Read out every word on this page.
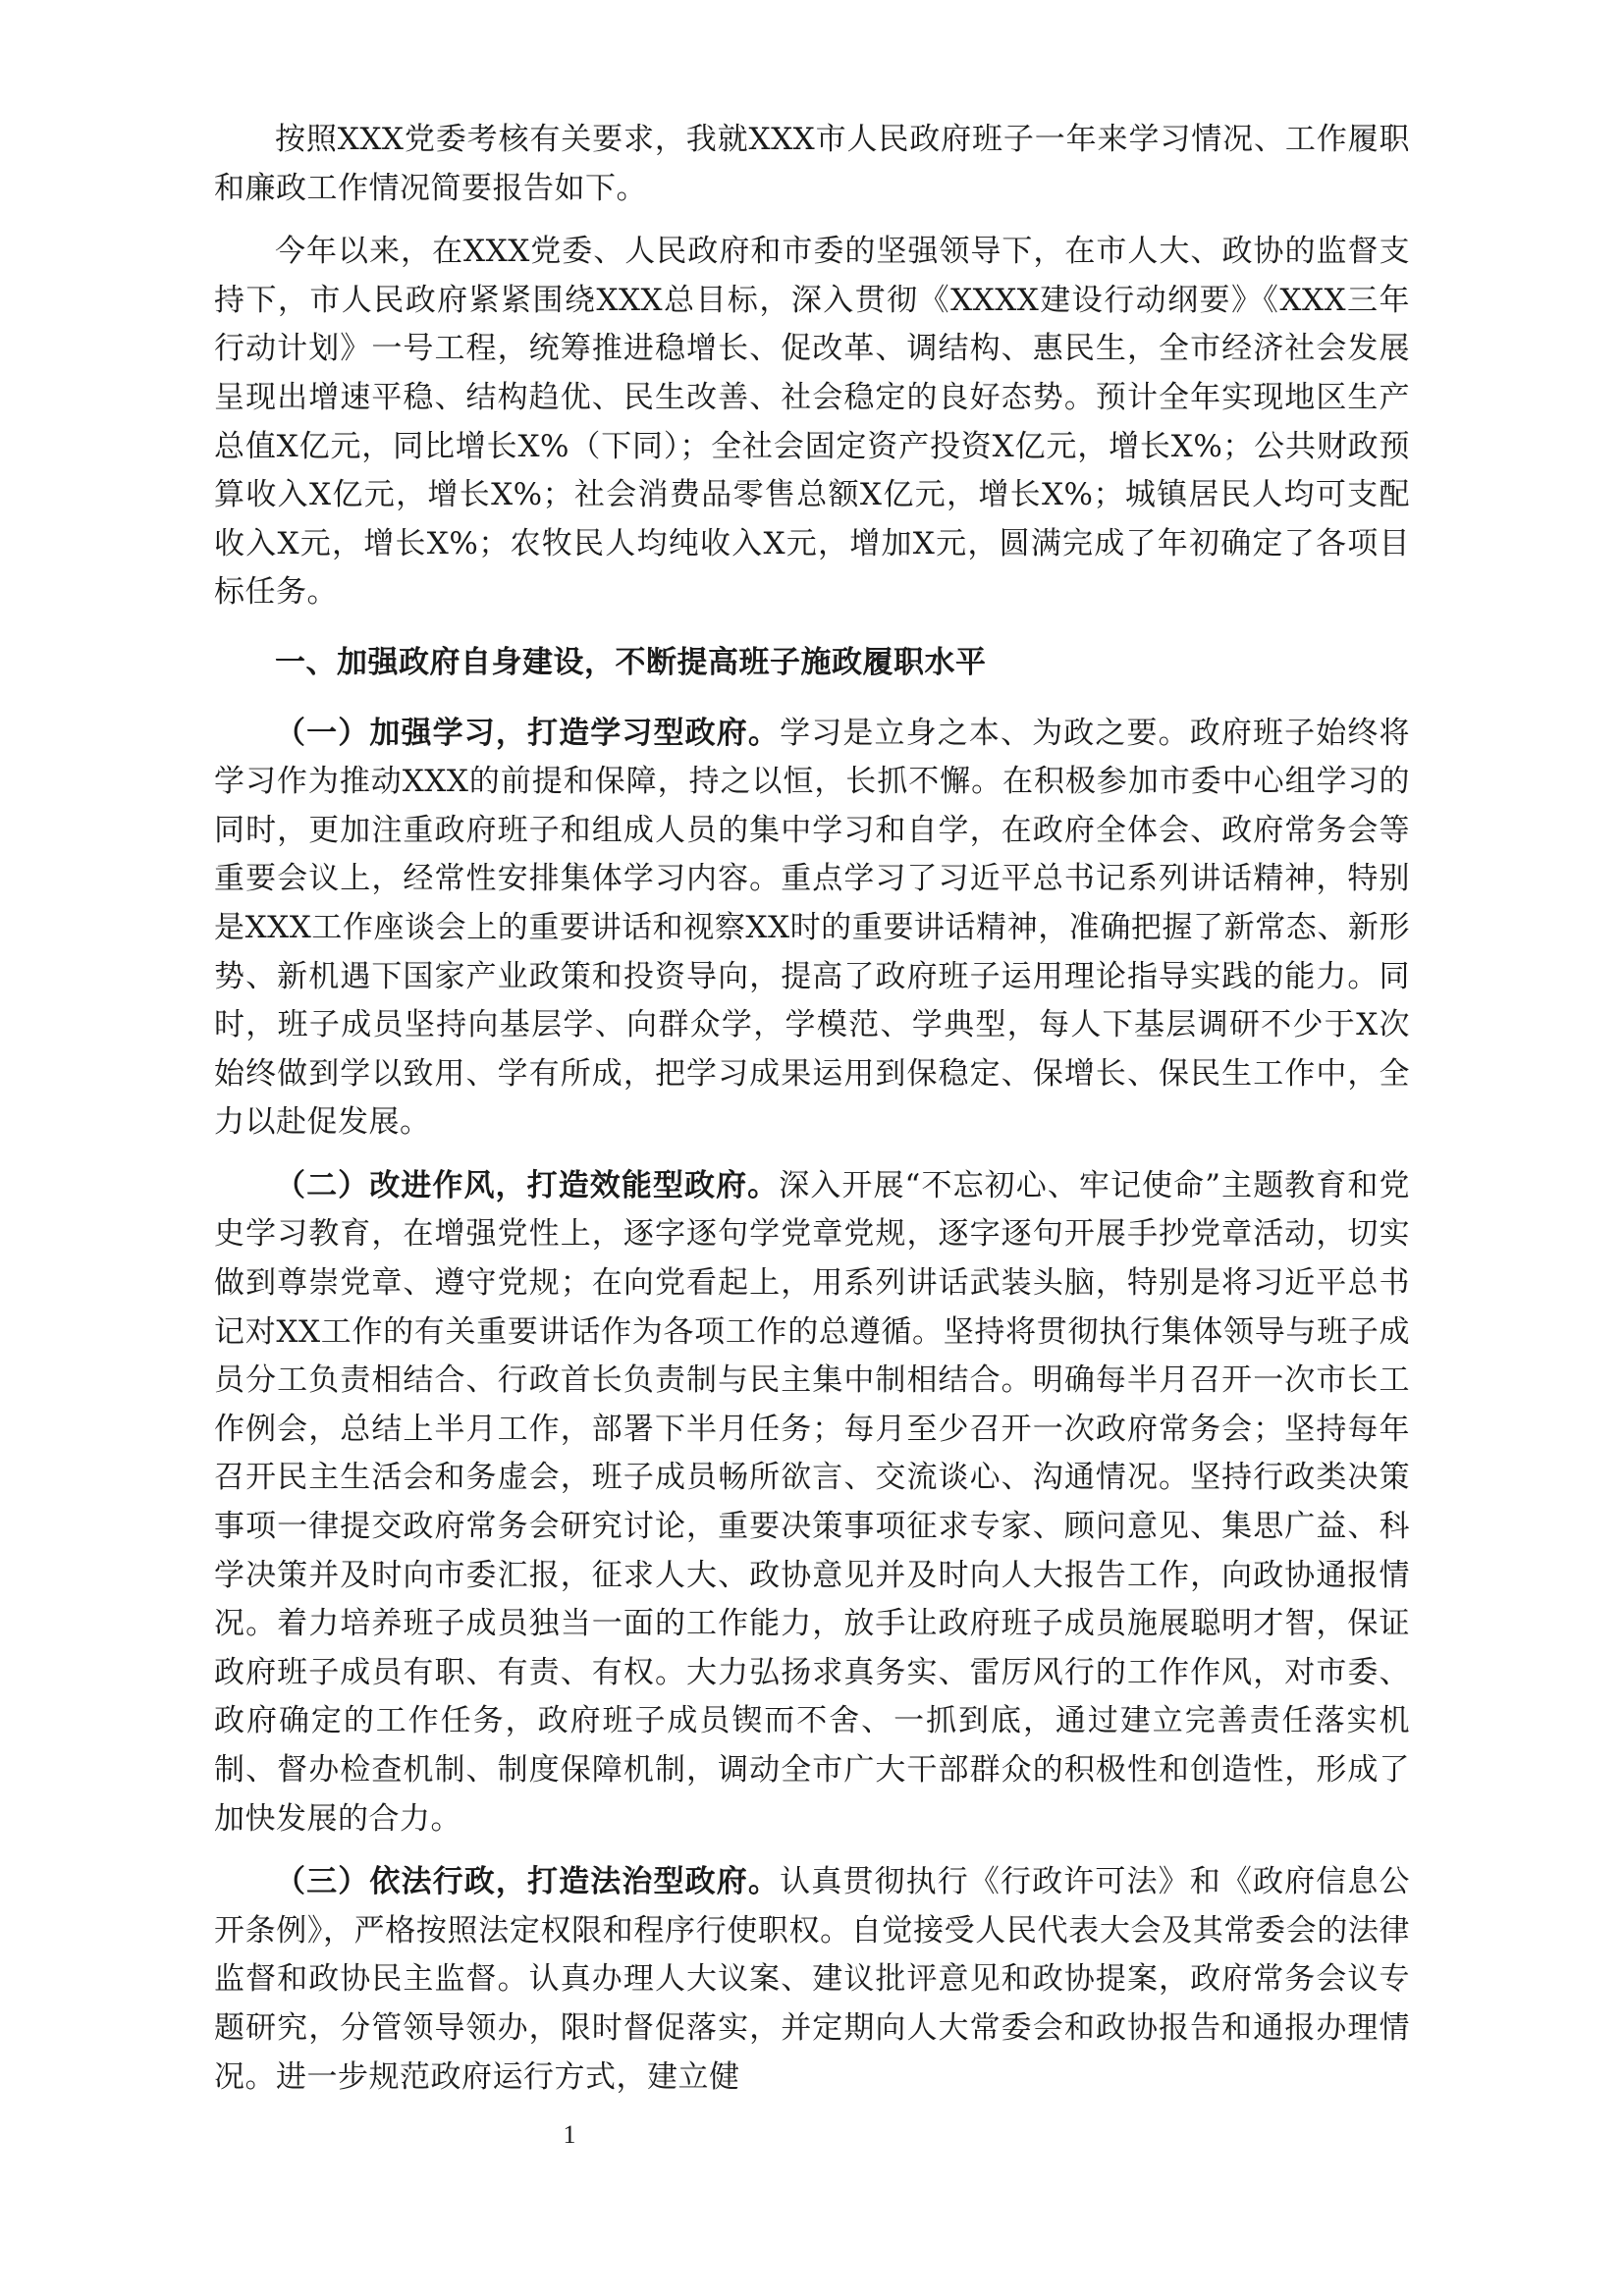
按照XXX党委考核有关要求，我就XXX市人民政府班子一年来学习情况、工作履职和廉政工作情况简要报告如下。

今年以来，在XXX党委、人民政府和市委的坚强领导下，在市人大、政协的监督支持下，市人民政府紧紧围绕XXX总目标，深入贯彻《XXXX建设行动纲要》《XXX三年行动计划》一号工程，统筹推进稳增长、促改革、调结构、惠民生，全市经济社会发展呈现出增速平稳、结构趋优、民生改善、社会稳定的良好态势。预计全年实现地区生产总值X亿元，同比增长X%（下同）；全社会固定资产投资X亿元，增长X%；公共财政预算收入X亿元，增长X%；社会消费品零售总额X亿元，增长X%；城镇居民人均可支配收入X元，增长X%；农牧民人均纯收入X元，增加X元，圆满完成了年初确定了各项目标任务。

一、加强政府自身建设，不断提高班子施政履职水平

（一）加强学习，打造学习型政府。学习是立身之本、为政之要。政府班子始终将学习作为推动XXX的前提和保障，持之以恒，长抓不懈。在积极参加市委中心组学习的同时，更加注重政府班子和组成人员的集中学习和自学，在政府全体会、政府常务会等重要会议上，经常性安排集体学习内容。重点学习了习近平总书记系列讲话精神，特别是XXX工作座谈会上的重要讲话和视察XX时的重要讲话精神，准确把握了新常态、新形势、新机遇下国家产业政策和投资导向，提高了政府班子运用理论指导实践的能力。同时，班子成员坚持向基层学、向群众学，学模范、学典型，每人下基层调研不少于X次始终做到学以致用、学有所成，把学习成果运用到保稳定、保增长、保民生工作中，全力以赴促发展。

（二）改进作风，打造效能型政府。深入开展“不忘初心、牢记使命”主题教育和党史学习教育，在增强党性上，逐字逐句学党章党规，逐字逐句开展手抄党章活动，切实做到尊崇党章、遵守党规；在向党看起上，用系列讲话武装头脑，特别是将习近平总书记对XX工作的有关重要讲话作为各项工作的总遵循。坚持将贯彻执行集体领导与班子成员分工负责相结合、行政首长负责制与民主集中制相结合。明确每半月召开一次市长工作例会，总结上半月工作，部署下半月任务；每月至少召开一次政府常务会；坚持每年召开民主生活会和务虚会，班子成员畅所欲言、交流谈心、沟通情况。坚持行政类决策事项一律提交政府常务会研究讨论，重要决策事项征求专家、顾问意见、集思广益、科学决策并及时向市委汇报，征求人大、政协意见并及时向人大报告工作，向政协通报情况。着力培养班子成员独当一面的工作能力，放手让政府班子成员施展聪明才智，保证政府班子成员有职、有责、有权。大力弘扬求真务实、雷厉风行的工作作风，对市委、政府确定的工作任务，政府班子成员锲而不舍、一抓到底，通过建立完善责任落实机制、督办检查机制、制度保障机制，调动全市广大干部群众的积极性和创造性，形成了加快发展的合力。

（三）依法行政，打造法治型政府。认真贯彻执行《行政许可法》和《政府信息公开条例》，严格按照法定权限和程序行使职权。自觉接受人民代表大会及其常委会的法律监督和政协民主监督。认真办理人大议案、建议批评意见和政协提案，政府常务会议专题研究，分管领导领办，限时督促落实，并定期向人大常委会和政协报告和通报办理情况。进一步规范政府运行方式，建立健

1
